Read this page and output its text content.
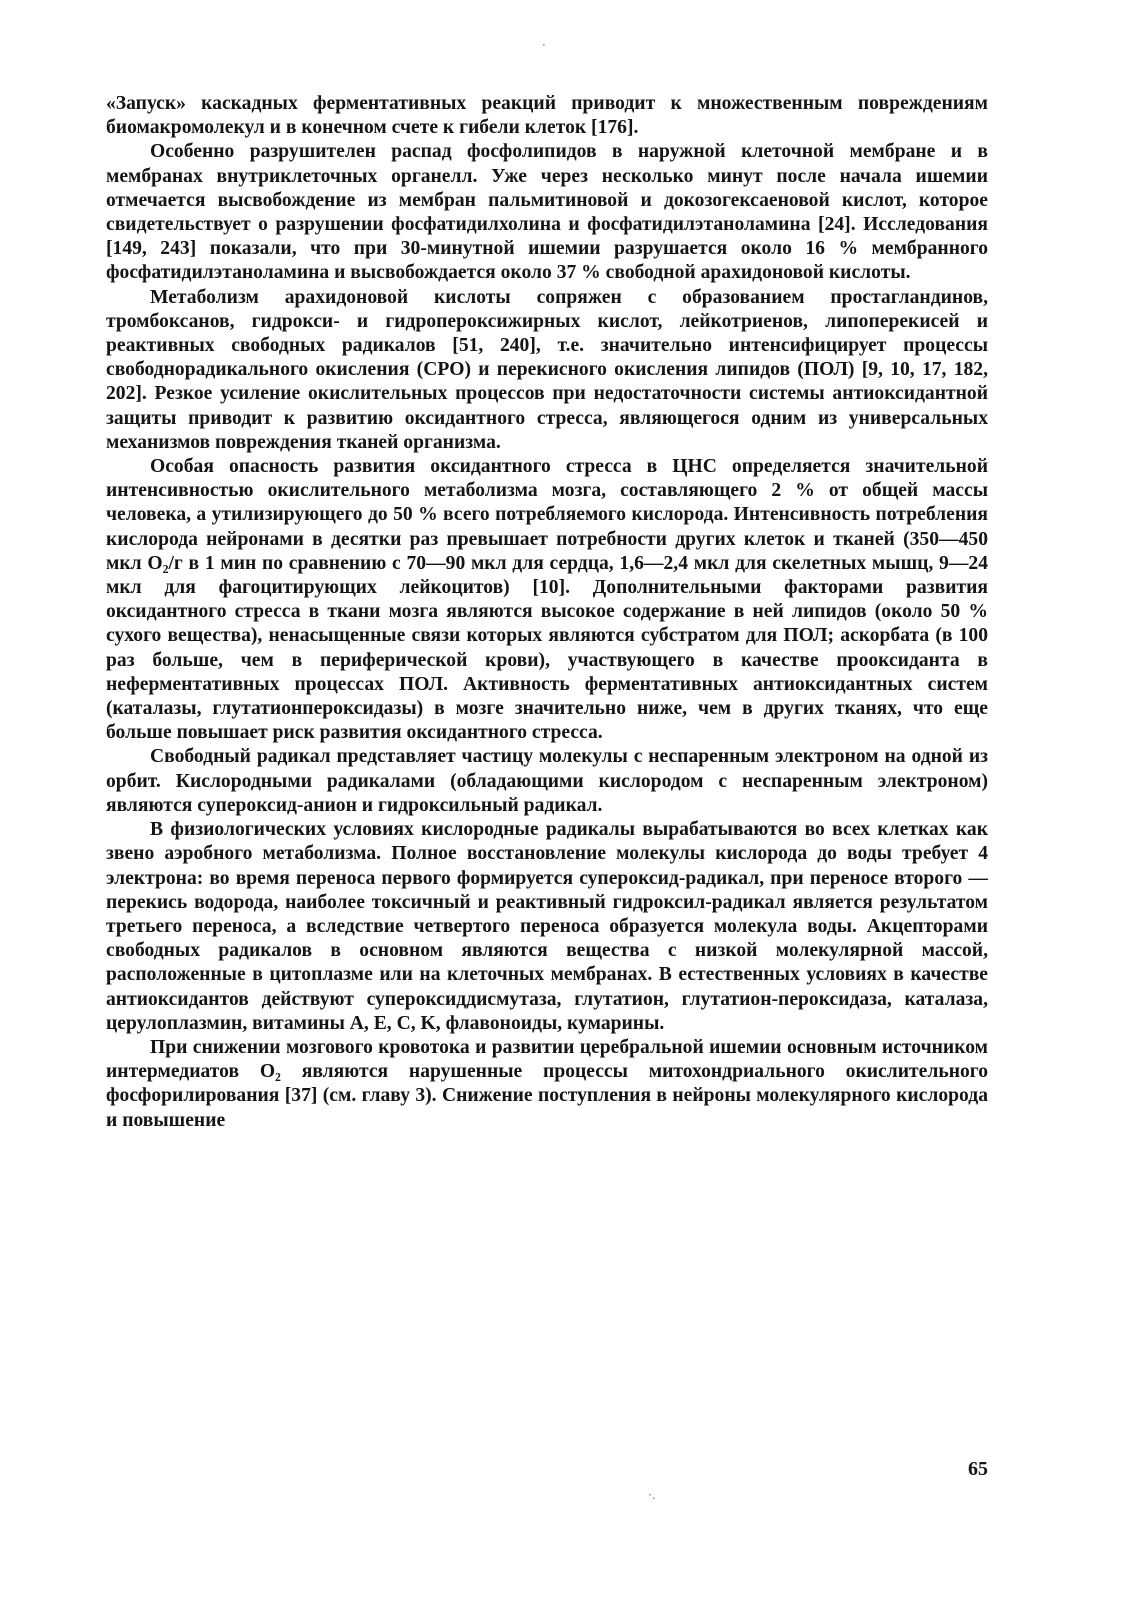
·

«Запуск» каскадных ферментативных реакций приводит к множественным повреждениям биомакромолекул и в конечном счете к гибели клеток [176].

Особенно разрушителен распад фосфолипидов в наружной клеточной мембране и в мембранах внутриклеточных органелл. Уже через несколько минут после начала ишемии отмечается высвобождение из мембран пальмитиновой и докозогексаеновой кислот, которое свидетельствует о разрушении фосфатидилхолина и фосфатидилэтаноламина [24]. Исследования [149, 243] показали, что при 30-минутной ишемии разрушается около 16 % мембранного фосфатидилэтаноламина и высвобождается около 37 % свободной арахидоновой кислоты.

Метаболизм арахидоновой кислоты сопряжен с образованием простагландинов, тромбоксанов, гидрокси- и гидропероксижирных кислот, лейкотриенов, липоперекисей и реактивных свободных радикалов [51, 240], т.е. значительно интенсифицирует процессы свободнорадикального окисления (СРО) и перекисного окисления липидов (ПОЛ) [9, 10, 17, 182, 202]. Резкое усиление окислительных процессов при недостаточности системы антиоксидантной защиты приводит к развитию оксидантного стресса, являющегося одним из универсальных механизмов повреждения тканей организма.

Особая опасность развития оксидантного стресса в ЦНС определяется значительной интенсивностью окислительного метаболизма мозга, составляющего 2 % от общей массы человека, а утилизирующего до 50 % всего потребляемого кислорода. Интенсивность потребления кислорода нейронами в десятки раз превышает потребности других клеток и тканей (350—450 мкл O₂/г в 1 мин по сравнению с 70—90 мкл для сердца, 1,6—2,4 мкл для скелетных мышц, 9—24 мкл для фагоцитирующих лейкоцитов) [10]. Дополнительными факторами развития оксидантного стресса в ткани мозга являются высокое содержание в ней липидов (около 50 % сухого вещества), ненасыщенные связи которых являются субстратом для ПОЛ; аскорбата (в 100 раз больше, чем в периферической крови), участвующего в качестве прооксиданта в неферментативных процессах ПОЛ. Активность ферментативных антиоксидантных систем (каталазы, глутатионпероксидазы) в мозге значительно ниже, чем в других тканях, что еще больше повышает риск развития оксидантного стресса.

Свободный радикал представляет частицу молекулы с неспаренным электроном на одной из орбит. Кислородными радикалами (обладающими кислородом с неспаренным электроном) являются супероксид-анион и гидроксильный радикал.

В физиологических условиях кислородные радикалы вырабатываются во всех клетках как звено аэробного метаболизма. Полное восстановление молекулы кислорода до воды требует 4 электрона: во время переноса первого формируется супероксид-радикал, при переносе второго — перекись водорода, наиболее токсичный и реактивный гидроксил-радикал является результатом третьего переноса, а вследствие четвертого переноса образуется молекула воды. Акцепторами свободных радикалов в основном являются вещества с низкой молекулярной массой, расположенные в цитоплазме или на клеточных мембранах. В естественных условиях в качестве антиоксидантов действуют супероксиддисмутаза, глутатион, глутатион-пероксидаза, каталаза, церулоплазмин, витамины A, E, C, K, флавоноиды, кумарины.

При снижении мозгового кровотока и развитии церебральной ишемии основным источником интермедиатов O₂ являются нарушенные процессы митохондриального окислительного фосфорилирования [37] (см. главу 3). Снижение поступления в нейроны молекулярного кислорода и повышение

65
·.
